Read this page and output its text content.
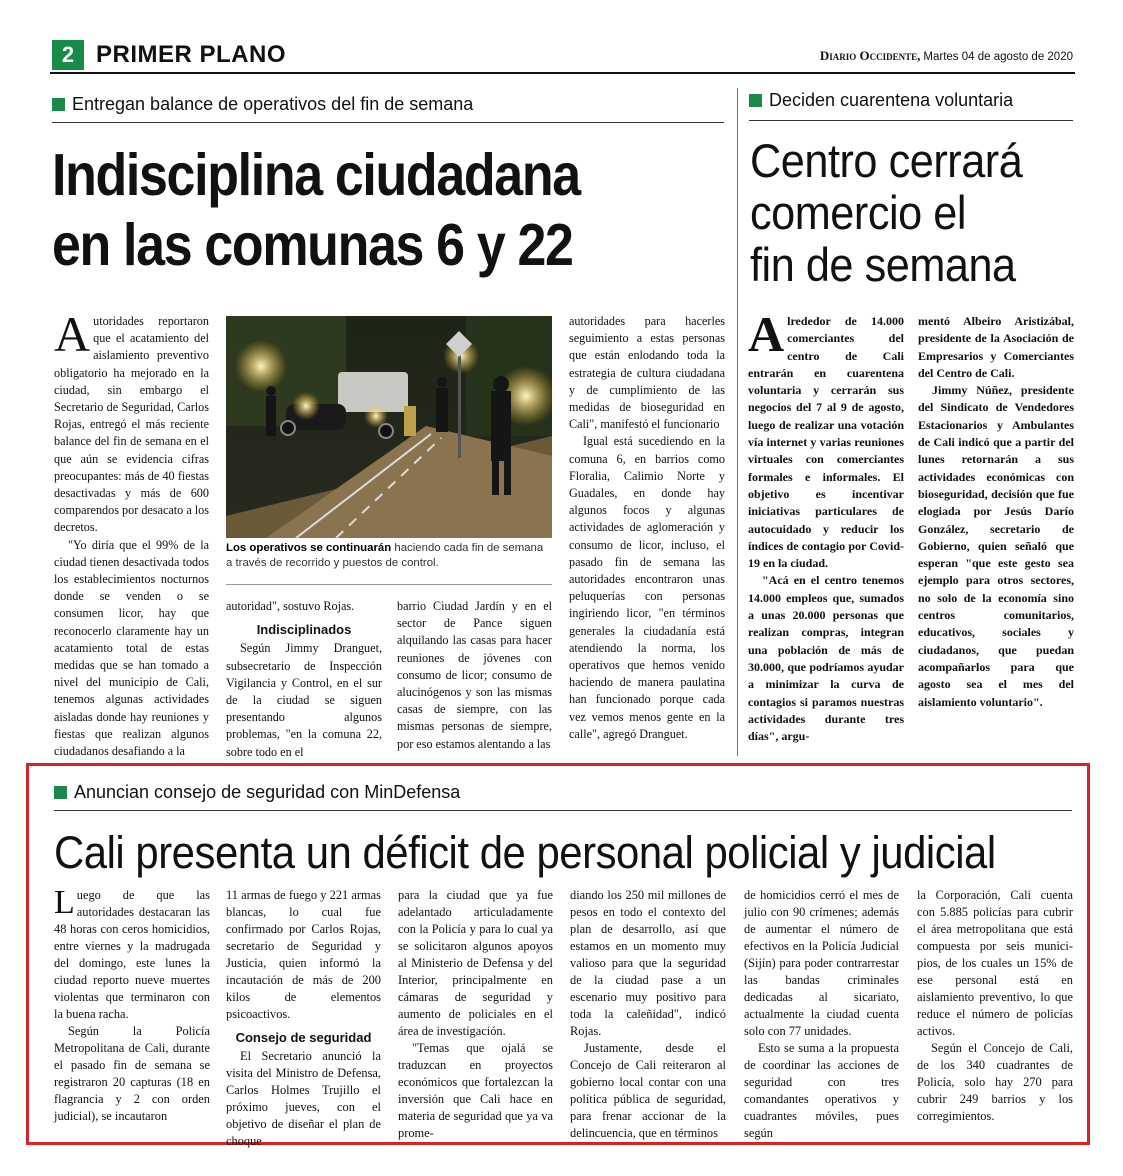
2 PRIMER PLANO	Diario Occidente, Martes 04 de agosto de 2020
Entregan balance de operativos del fin de semana
Indisciplina ciudadana
en las comunas 6 y 22

Autoridades reportaron que el acatamiento del aislamiento preventivo obligatorio ha mejorado en la ciudad, sin embargo el Secretario de Seguridad, Carlos Rojas, entregó el más reciente balance del fin de semana en el que aún se evidencia cifras preocupantes: más de 40 fiestas desactivadas y más de 600 comparendos por desacato a los decretos.

"Yo diría que el 99% de la ciudad tienen desactivada todos los establecimientos nocturnos donde se venden o se consumen licor, hay que reconocerlo claramente hay un acatamiento total de estas medidas que se han tomado a nivel del municipio de Cali, tenemos algunas actividades aisladas donde hay reuniones y fiestas que realizan algunos ciudadanos desafiando a la

Los operativos se continuarán haciendo cada fin de semana a través de recorrido y puestos de control.

autoridad", sostuvo Rojas.

Indisciplinados

Según Jimmy Dranguet, subsecretario de Inspección Vigilancia y Control, en el sur de la ciudad se siguen presentando algunos problemas, "en la comuna 22, sobre todo en el

barrio Ciudad Jardín y en el sector de Pance siguen alquilando las casas para hacer reuniones de jóvenes con consumo de licor; consumo de alucinógenos y son las mismas casas de siempre, con las mismas personas de siempre, por eso estamos alentando a las

autoridades para hacerles seguimiento a estas personas que están enlodando toda la estrategia de cultura ciudadana y de cumplimiento de las medidas de bioseguridad en Cali", manifestó el funcionario

Igual está sucediendo en la comuna 6, en barrios como Floralia, Calimio Norte y Guadales, en donde hay algunos focos y algunas actividades de aglomeración y consumo de licor, incluso, el pasado fin de semana las autoridades encontraron unas peluquerías con personas ingiriendo licor, "en términos generales la ciudadanía está atendiendo la norma, los operativos que hemos venido haciendo de manera paulatina han funcionado porque cada vez vemos menos gente en la calle", agregó Dranguet.

Deciden cuarentena voluntaria
Centro cerrará
comercio el
fin de semana

Alrededor de 14.000 comerciantes del centro de Cali entrarán en cuarentena voluntaria y cerrarán sus negocios del 7 al 9 de agosto, luego de realizar una votación vía internet y varias reuniones virtuales con comerciantes formales e informales. El objetivo es incentivar iniciativas particulares de autocuidado y reducir los índices de contagio por Covid-19 en la ciudad.

"Acá en el centro tenemos 14.000 empleos que, sumados a unas 20.000 personas que realizan compras, integran una población de más de 30.000, que podríamos ayudar a minimizar la curva de contagios si paramos nuestras actividades durante tres días", argu-

mentó Albeiro Aristizábal, presidente de la Asociación de Empresarios y Comerciantes del Centro de Cali.

Jimmy Núñez, presidente del Sindicato de Vendedores Estacionarios y Ambulantes de Cali indicó que a partir del lunes retornarán a sus actividades económicas con bioseguridad, decisión que fue elogiada por Jesús Darío González, secretario de Gobierno, quien señaló que esperan "que este gesto sea ejemplo para otros sectores, no solo de la economía sino centros comunitarios, educativos, sociales y ciudadanos, que puedan acompañarlos para que agosto sea el mes del aislamiento voluntario".

Anuncian consejo de seguridad con MinDefensa
Cali presenta un déficit de personal policial y judicial

Luego de que las autoridades destacaran las 48 horas con ceros homicidios, entre viernes y la madrugada del domingo, este lunes la ciudad reporto nueve muertes violentas que terminaron con la buena racha.

Según la Policía Metropolitana de Cali, durante el pasado fin de semana se registraron 20 capturas (18 en flagrancia y 2 con orden judicial), se incautaron

11 armas de fuego y 221 armas blancas, lo cual fue confirmado por Carlos Rojas, secretario de Seguridad y Justicia, quien informó la incautación de más de 200 kilos de elementos psicoactivos.

Consejo de seguridad

El Secretario anunció la visita del Ministro de Defensa, Carlos Holmes Trujillo el próximo jueves, con el objetivo de diseñar el plan de choque

para la ciudad que ya fue adelantado articuladamente con la Policía y para lo cual ya se solicitaron algunos apoyos al Ministerio de Defensa y del Interior, principalmente en cámaras de seguridad y aumento de policiales en el área de investigación.

"Temas que ojalá se traduzcan en proyectos económicos que fortalezcan la inversión que Cali hace en materia de seguridad que ya va prome-

diando los 250 mil millones de pesos en todo el contexto del plan de desarrollo, así que estamos en un momento muy valioso para que la seguridad de la ciudad pase a un escenario muy positivo para toda la caleñidad", indicó Rojas.

Justamente, desde el Concejo de Cali reiteraron al gobierno local contar con una política pública de seguridad, para frenar accionar de la delincuencia, que en términos

de homicidios cerró el mes de julio con 90 crímenes; además de aumentar el número de efectivos en la Policía Judicial (Sijín) para poder contrarrestar las bandas criminales dedicadas al sicariato, actualmente la ciudad cuenta solo con 77 unidades.

Esto se suma a la propuesta de coordinar las acciones de seguridad con tres comandantes operativos y cuadrantes móviles, pues según

la Corporación, Cali cuenta con 5.885 policías para cubrir el área metropolitana que está compuesta por seis munici-pios, de los cuales un 15% de ese personal está en aislamiento preventivo, lo que reduce el número de policías activos.

Según el Concejo de Cali, de los 340 cuadrantes de Policía, solo hay 270 para cubrir 249 barrios y los corregimientos.
